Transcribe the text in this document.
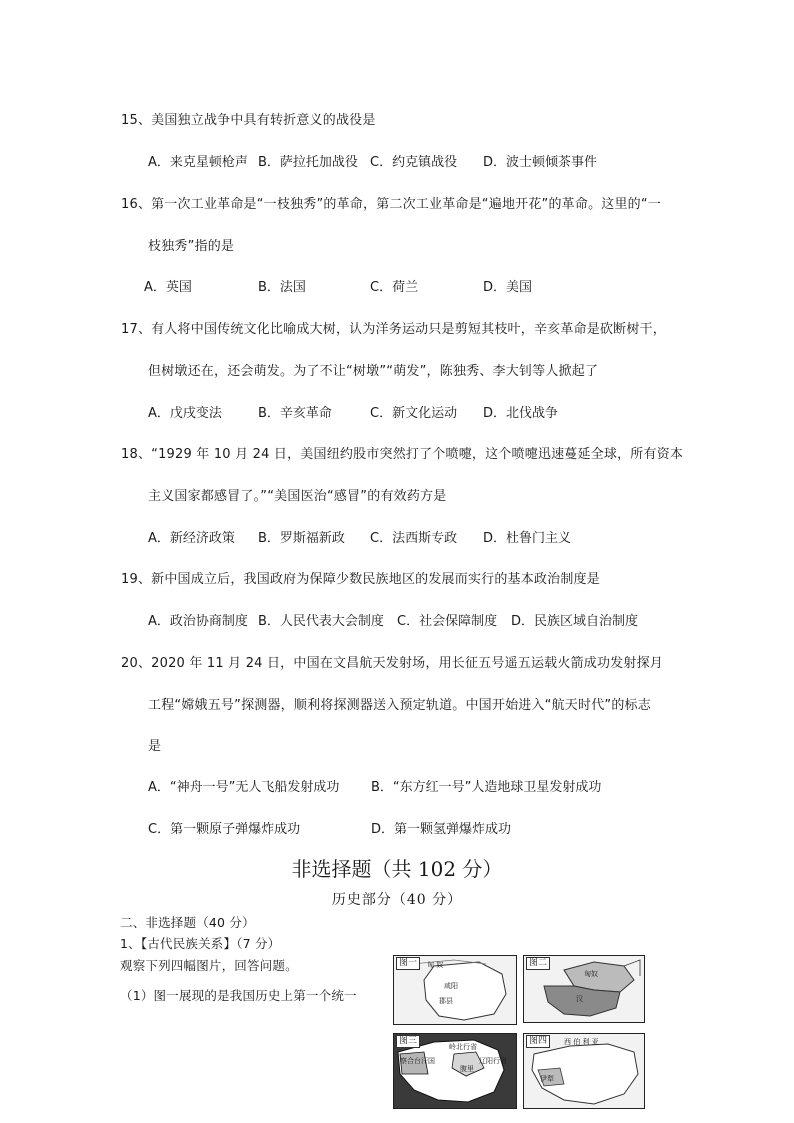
15、美国独立战争中具有转折意义的战役是
A．来克星顿枪声 B．萨拉托加战役 C．约克镇战役 D．波士顿倾茶事件
16、第一次工业革命是“一枝独秀”的革命，第二次工业革命是“遍地开花”的革命。这里的“一
枝独秀”指的是
A．英国	B．法国	C．荷兰	D．美国
17、有人将中国传统文化比喻成大树，认为洋务运动只是剪短其枝叶，辛亥革命是砍断树干，
但树墩还在，还会萌发。为了不让“树墩”“萌发”，陈独秀、李大钊等人掀起了
A．戊戌变法	B．辛亥革命	C．新文化运动 D．北伐战争
18、“1929 年 10 月 24 日，美国纽约股市突然打了个喷嚏，这个喷嚏迅速蔓延全球，所有资本
主义国家都感冒了。”“美国医治“感冒”的有效药方是
A．新经济政策 B．罗斯福新政 C．法西斯专政 D．杜鲁门主义
19、新中国成立后，我国政府为保障少数民族地区的发展而实行的基本政治制度是
A．政治协商制度 B．人民代表大会制度 C．社会保障制度 D．民族区域自治制度
20、2020 年 11 月 24 日，中国在文昌航天发射场，用长征五号遥五运载火箭成功发射探月
工程“嫦娥五号”探测器，顺利将探测器送入预定轨道。中国开始进入“航天时代”的标志
是
A．“神舟一号”无人飞船发射成功 B．“东方红一号”人造地球卫星发射成功
C．第一颗原子弹爆炸成功	D．第一颗氢弹爆炸成功
非选择题（共 102 分）
历史部分（40 分）
二、非选择题（40 分）
1、【古代民族关系】（7 分）
观察下列四幅图片，回答问题。
（1）图一展现的是我国历史上第一个统一
图一	匈 奴
咸阳
郡县
图二
匈奴
汉
图三
岭北行省
辽阳行省
腹里
察合台汗国
图四	西 伯 利 亚
伊犁
